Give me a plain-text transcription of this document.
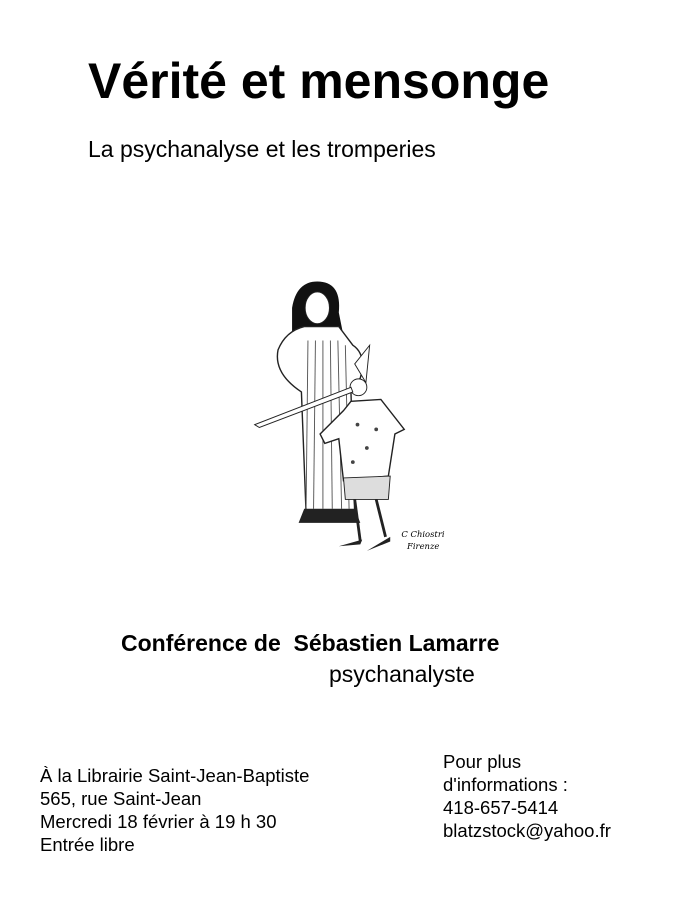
Vérité et mensonge
La psychanalyse et les tromperies
C Chiostri
Firenze
Conférence de  Sébastien Lamarre
psychanalyste
À la Librairie Saint-Jean-Baptiste
565, rue Saint-Jean
Mercredi 18 février à 19 h 30
Entrée libre
Pour plus
d'informations :
418-657-5414
blatzstock@yahoo.fr
